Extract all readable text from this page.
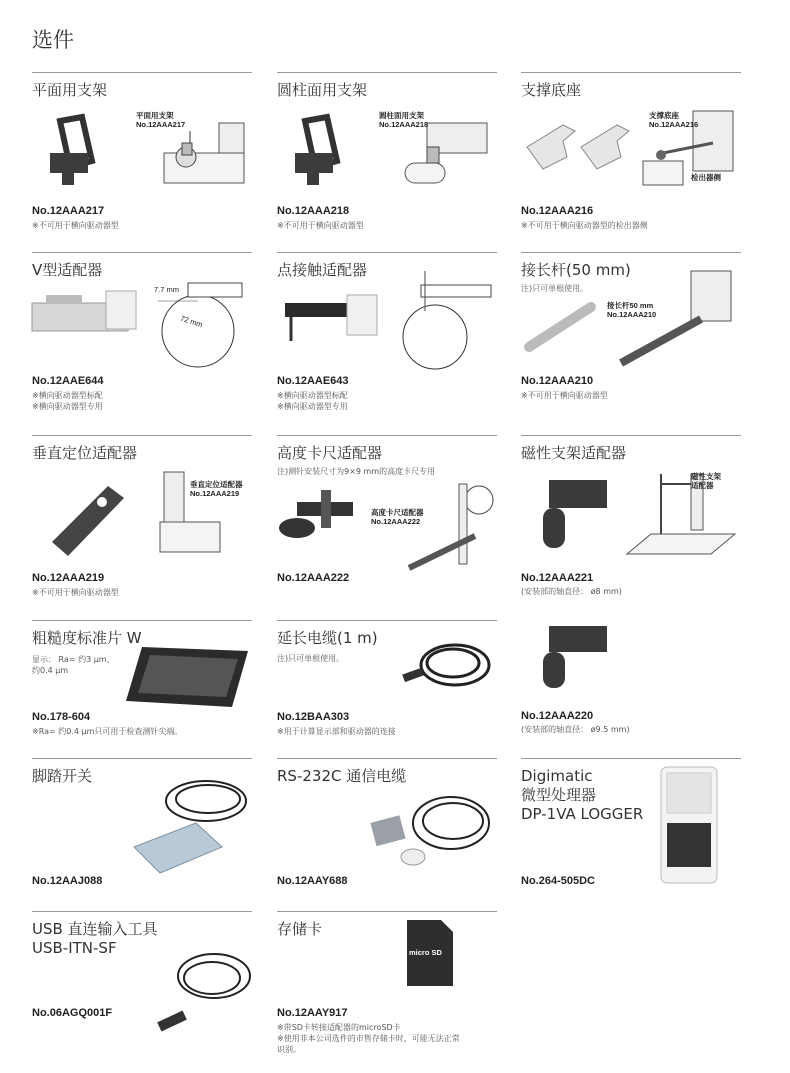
选件
平面用支架
平面用支架
No.12AAA217
No.12AAA217
※不可用于横向驱动器型
圆柱面用支架
圆柱面用支架
No.12AAA218
No.12AAA218
※不可用于横向驱动器型
支撑底座
支撑底座
No.12AAA216
检出器侧
No.12AAA216
※不可用于横向驱动器型的检出器侧
V型适配器
7.7 mm
72 mm
No.12AAE644
※横向驱动器型标配
※横向驱动器型专用
点接触适配器
No.12AAE643
※横向驱动器型标配
※横向驱动器型专用
接长杆(50 mm)
注)只可单根使用。
接长杆50 mm
No.12AAA210
No.12AAA210
※不可用于横向驱动器型
垂直定位适配器
垂直定位适配器
No.12AAA219
No.12AAA219
※不可用于横向驱动器型
高度卡尺适配器
注)测针安装尺寸为9×9 mm的高度卡尺专用
高度卡尺适配器
No.12AAA222
No.12AAA222
磁性支架适配器
磁性支架
适配器
No.12AAA221
(安装部的轴直径： ø8 mm)
粗糙度标准片 W
显示： Ra= 约3 μm、
约0.4 μm
No.178-604
※Ra= 约0.4 μm只可用于检查测针尖端。
延长电缆(1 m)
注)只可单根使用。
No.12BAA303
※用于计算显示部和驱动器的连接
No.12AAA220
(安装部的轴直径： ø9.5 mm)
脚踏开关
No.12AAJ088
RS-232C 通信电缆
No.12AAY688
Digimatic
微型处理器
DP-1VA LOGGER
No.264-505DC
USB 直连输入工具
USB-ITN-SF
No.06AGQ001F
存储卡
micro SD
No.12AAY917
※带SD卡转接适配器的microSD卡
※使用非本公司选件的市售存储卡时，可能无法正常
识别。
